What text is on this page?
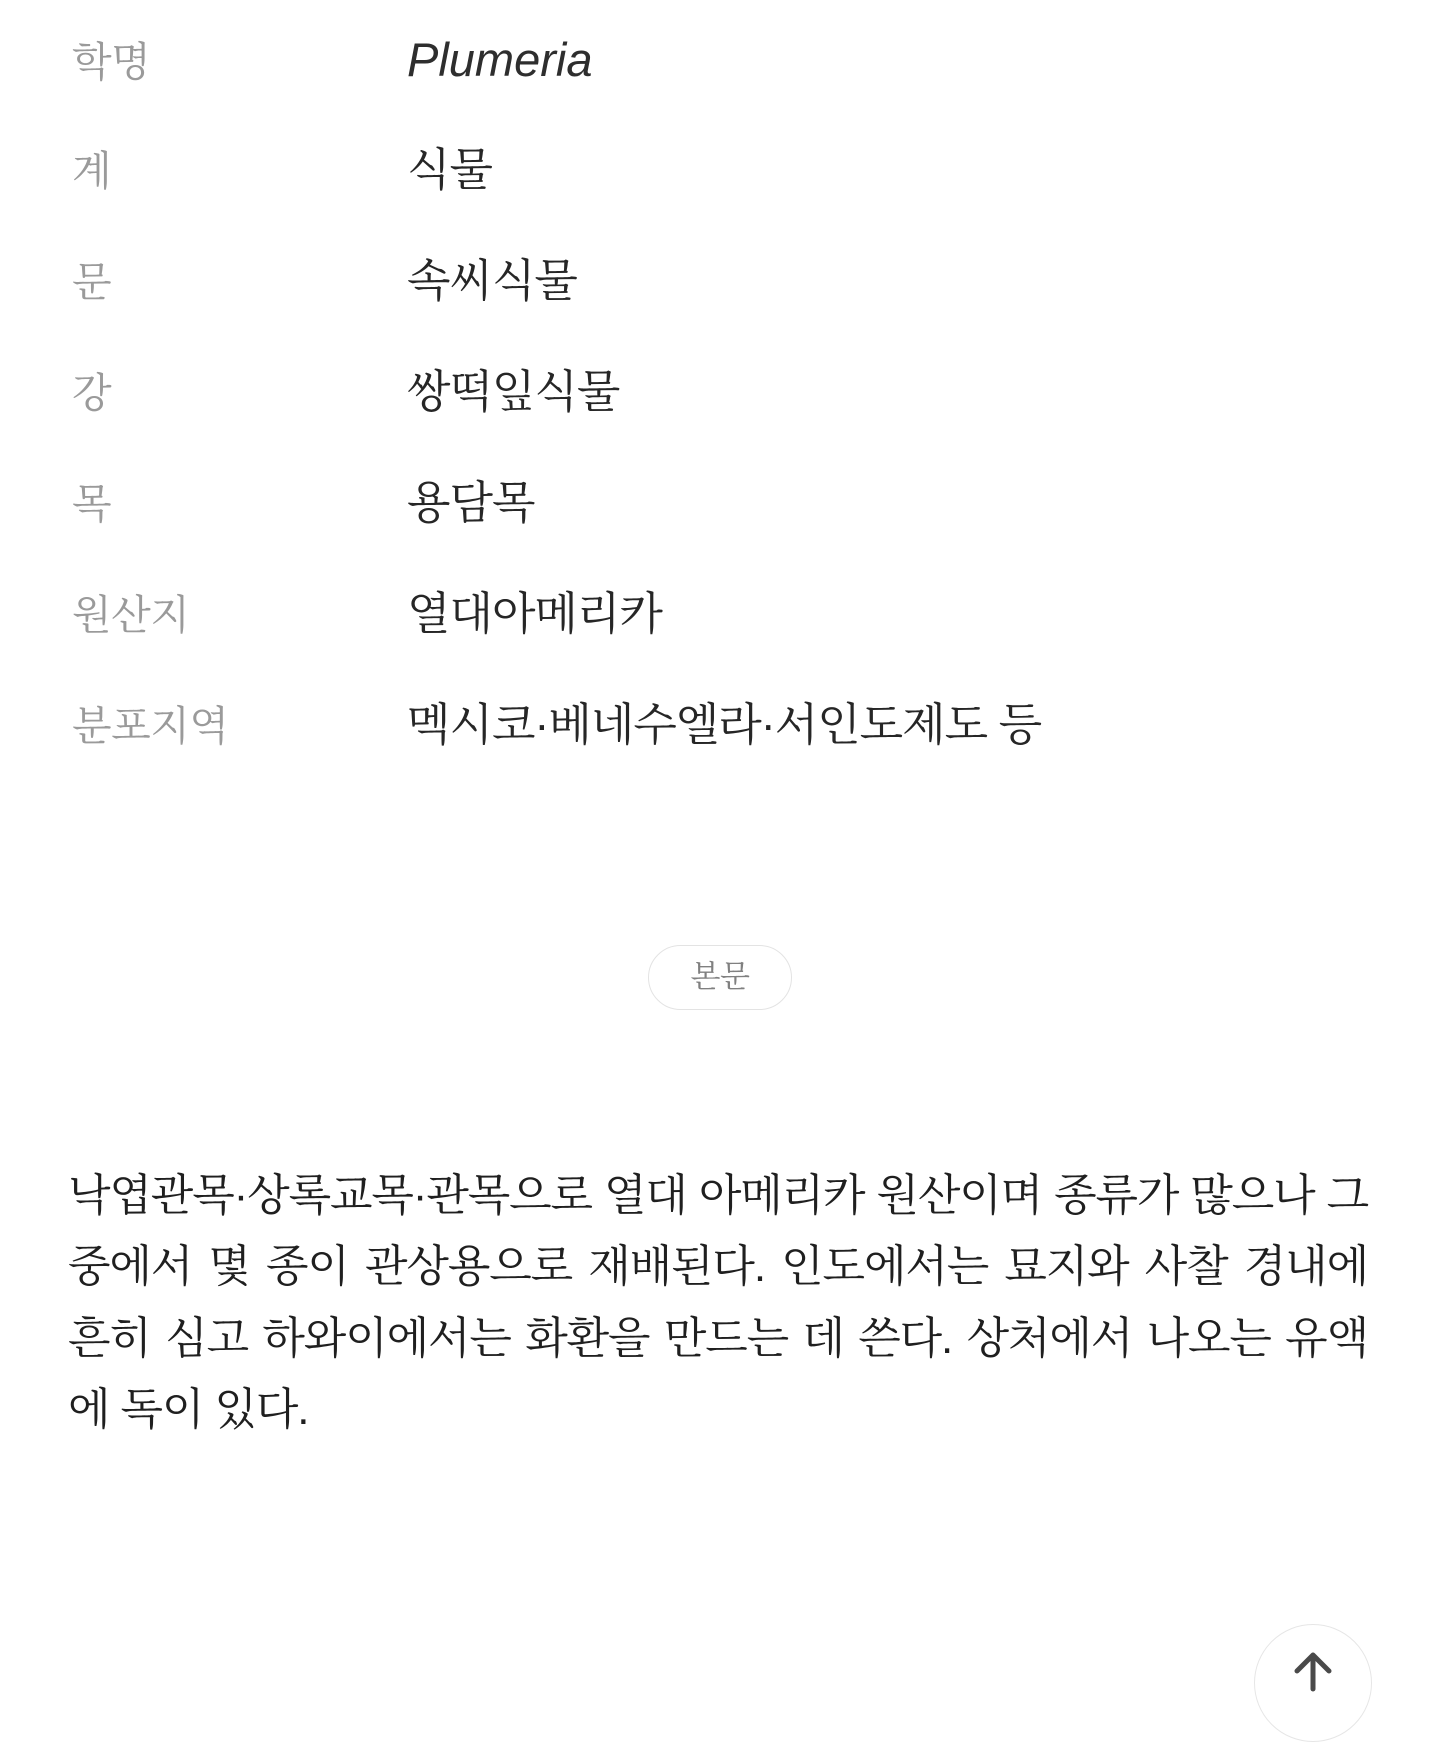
학명	Plumeria
계	식물
문	속씨식물
강	쌍떡잎식물
목	용담목
원산지	열대아메리카
분포지역	멕시코·베네수엘라·서인도제도 등
본문
낙엽관목·상록교목·관목으로 열대 아메리카 원산이며 종류가 많으나 그 중에서 몇 종이 관상용으로 재배된다. 인도에서는 묘지와 사찰 경내에 흔히 심고 하와이에서는 화환을 만드는 데 쓴다. 상처에서 나오는 유액에 독이 있다.
